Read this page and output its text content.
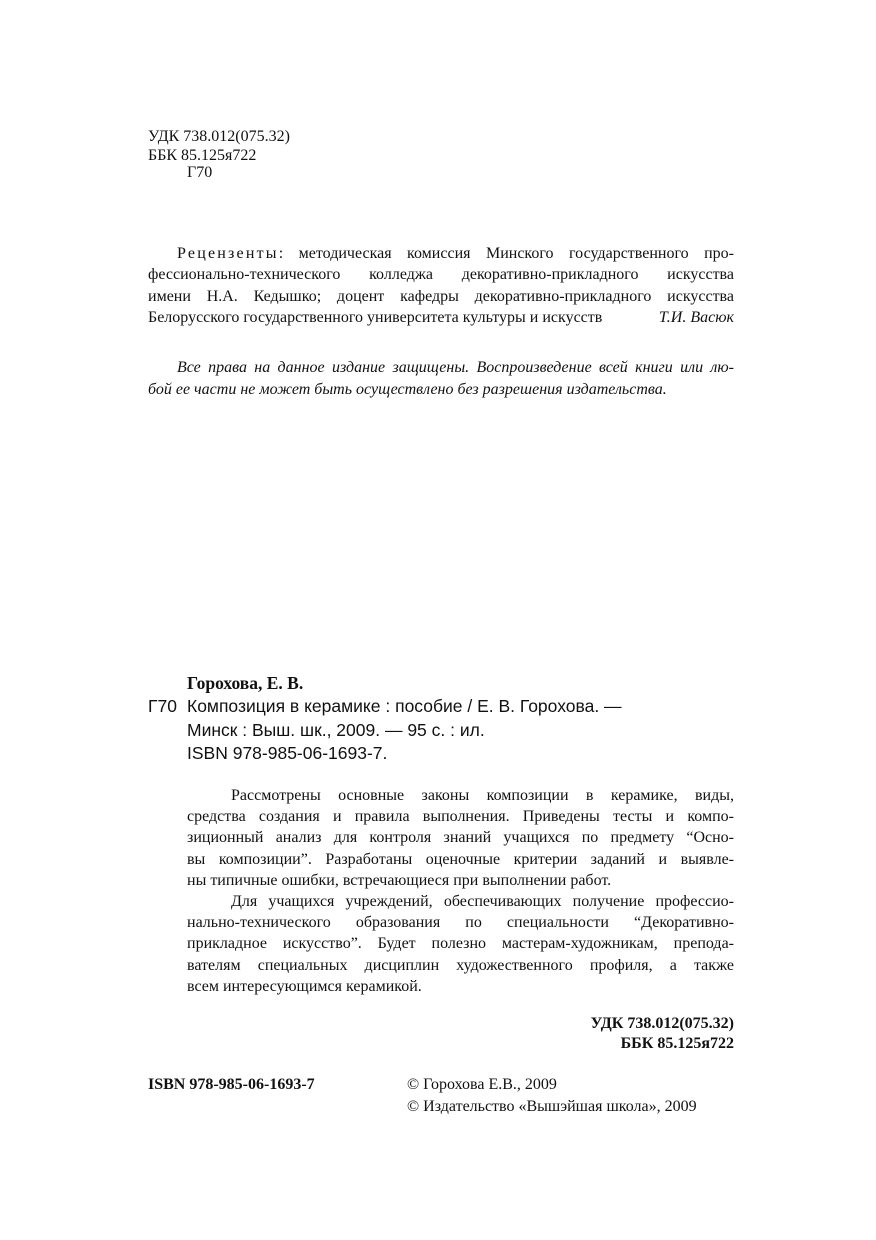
УДК 738.012(075.32)
ББК 85.125я722
Г70
Рецензенты: методическая комиссия Минского государственного про-
фессионально-технического колледжа декоративно-прикладного искусства
имени Н.А. Кедышко; доцент кафедры декоративно-прикладного искусства
Белорусского государственного университета культуры и искусств	Т.И. Васюк
Все права на данное издание защищены. Воспроизведение всей книги или лю-
бой ее части не может быть осуществлено без разрешения издательства.
Горохова, Е. В.
Г70 Композиция в керамике : пособие / Е. В. Горохова. —
Минск : Выш. шк., 2009. — 95 с. : ил.
ISBN 978-985-06-1693-7.
Рассмотрены основные законы композиции в керамике, виды,
средства создания и правила выполнения. Приведены тесты и компо-
зиционный анализ для контроля знаний учащихся по предмету “Осно-
вы композиции”. Разработаны оценочные критерии заданий и выявле-
ны типичные ошибки, встречающиеся при выполнении работ.
Для учащихся учреждений, обеспечивающих получение профессио-
нально-технического образования по специальности “Декоративно-
прикладное искусство”. Будет полезно мастерам-художникам, препода-
вателям специальных дисциплин художественного профиля, а также
всем интересующимся керамикой.
УДК 738.012(075.32)
ББК 85.125я722
ISBN 978-985-06-1693-7	© Горохова Е.В., 2009
© Издательство «Вышэйшая школа», 2009
